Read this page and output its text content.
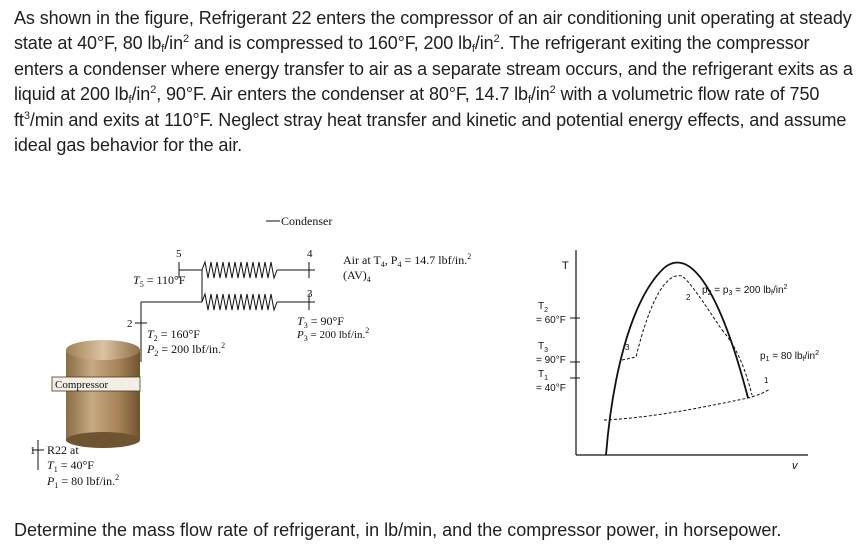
As shown in the figure, Refrigerant 22 enters the compressor of an air conditioning unit operating at steady state at 40°F, 80 $lb_f/in^2$ and is compressed to 160°F, 200 $lb_f/in^2$. The refrigerant exiting the compressor enters a condenser where energy transfer to air as a separate stream occurs, and the refrigerant exits as a liquid at 200 $lb_f/in^2$, 90°F. Air enters the condenser at 80°F, 14.7 $lb_f/in^2$ with a volumetric flow rate of 750 $ft^3/\min$ and exits at 110°F. Neglect stray heat transfer and kinetic and potential energy effects, and assume ideal gas behavior for the air.

Condenser
5	4
3
2
1
$T_5 = 110^\circ F$
Air at $T_4$, $P_4 = 14.7$ lbf/in.$^2$
$(AV)_4$
$T_3 = 90^\circ F$
$P_3 = 200$ lbf/in.$^2$
$T_2 = 160^\circ F$
$P_2 = 200$ lbf/in.$^2$
Compressor
R22 at
$T_1 = 40^\circ F$
$P_1 = 80$ lbf/in.$^2$
T
v
$T_2$
= 60°F
$T_3$
= 90°F
$T_1$
= 40°F
3
2
1
$p_2 = p_3 = 200$ $lb_f/in^2$
$p_1 = 80$ $lb_f/in^2$

Determine the mass flow rate of refrigerant, in lb/min, and the compressor power, in horsepower.
